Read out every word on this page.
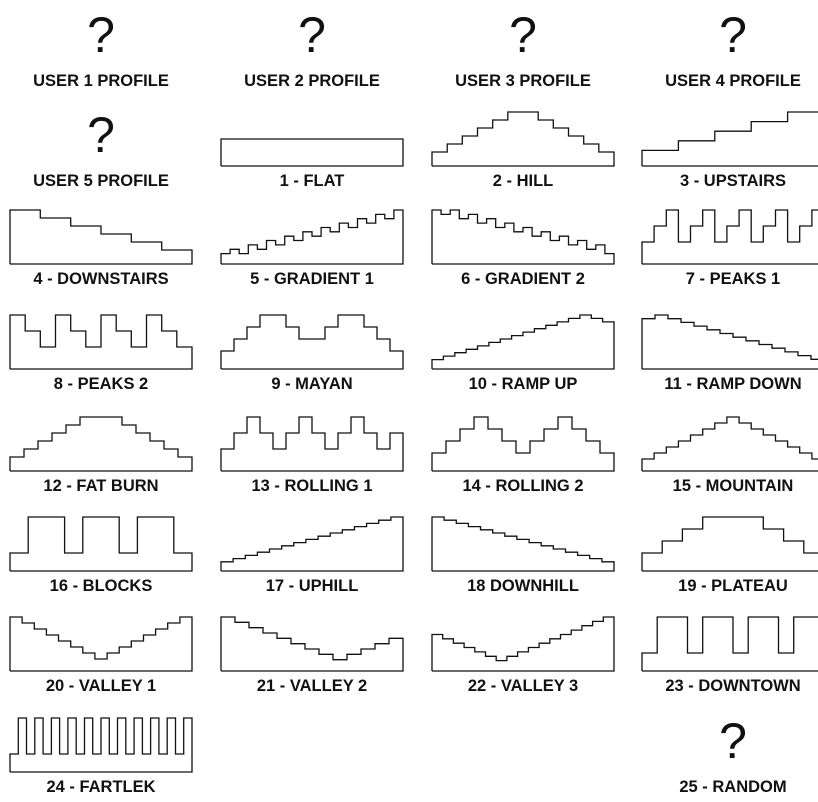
?
USER 1 PROFILE
?
USER 2 PROFILE
?
USER 3 PROFILE
?
USER 4 PROFILE
?
USER 5 PROFILE	1 - FLAT	2 - HILL	3 - UPSTAIRS
4 - DOWNSTAIRS	5 - GRADIENT 1	6 - GRADIENT 2	7 - PEAKS 1
8 - PEAKS 2	9 - MAYAN	10 - RAMP UP	11 - RAMP DOWN
12 - FAT BURN	13 - ROLLING 1	14 - ROLLING 2	15 - MOUNTAIN
16 - BLOCKS	17 - UPHILL	18 DOWNHILL	19 - PLATEAU
20 - VALLEY 1	21 - VALLEY 2	22 - VALLEY 3	23 - DOWNTOWN
24 - FARTLEK
?
25 - RANDOM
